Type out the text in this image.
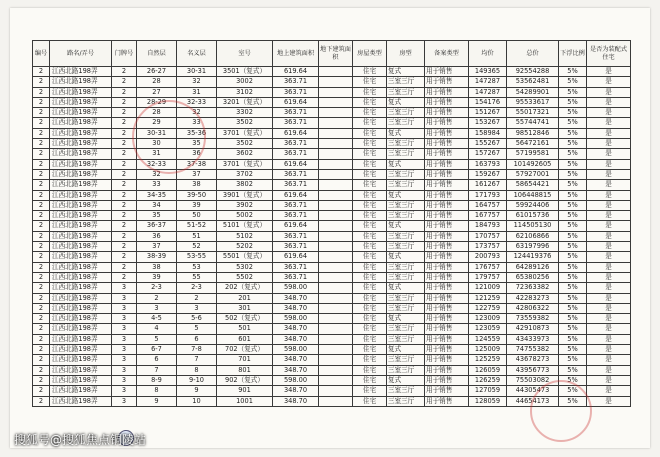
编号	路名/弄号	门牌号	自然层	名义层	室号	地上建筑面积	地下建筑面积	房屋类型	房型	备案类型	均价	总价	下浮比例	是否为装配式住宅
2	江西北路198弄	2	26-27	30-31	3501（复式）	619.64		住宅	复式	用于销售	149365	92554288	5%	是
2	江西北路198弄	2	28	32	3002	363.71		住宅	三室三厅	用于销售	147287	53562481	5%	是
2	江西北路198弄	2	27	31	3102	363.71		住宅	三室三厅	用于销售	147287	54289901	5%	是
2	江西北路198弄	2	28-29	32-33	3201（复式）	619.64		住宅	复式	用于销售	154176	95533617	5%	是
2	江西北路198弄	2	28	32	3302	363.71		住宅	三室三厅	用于销售	151267	55017321	5%	是
2	江西北路198弄	2	29	33	3502	363.71		住宅	三室三厅	用于销售	153267	55744741	5%	是
2	江西北路198弄	2	30-31	35-36	3701（复式）	619.64		住宅	复式	用于销售	158984	98512846	5%	是
2	江西北路198弄	2	30	35	3502	363.71		住宅	三室三厅	用于销售	155267	56472161	5%	是
2	江西北路198弄	2	31	36	3602	363.71		住宅	三室三厅	用于销售	157267	57199581	5%	是
2	江西北路198弄	2	32-33	37-38	3701（复式）	619.64		住宅	复式	用于销售	163793	101492605	5%	是
2	江西北路198弄	2	32	37	3702	363.71		住宅	三室三厅	用于销售	159267	57927001	5%	是
2	江西北路198弄	2	33	38	3802	363.71		住宅	三室三厅	用于销售	161267	58654421	5%	是
2	江西北路198弄	2	34-35	39-50	3901（复式）	619.64		住宅	复式	用于销售	171793	106448815	5%	是
2	江西北路198弄	2	34	39	3902	363.71		住宅	三室三厅	用于销售	164757	59924406	5%	是
2	江西北路198弄	2	35	50	5002	363.71		住宅	三室三厅	用于销售	167757	61015736	5%	是
2	江西北路198弄	2	36-37	51-52	5101（复式）	619.64		住宅	复式	用于销售	184793	114505130	5%	是
2	江西北路198弄	2	36	51	5102	363.71		住宅	三室三厅	用于销售	170757	62106866	5%	是
2	江西北路198弄	2	37	52	5202	363.71		住宅	三室三厅	用于销售	173757	63197996	5%	是
2	江西北路198弄	2	38-39	53-55	5501（复式）	619.64		住宅	复式	用于销售	200793	124419376	5%	是
2	江西北路198弄	2	38	53	5302	363.71		住宅	三室三厅	用于销售	176757	64289126	5%	是
2	江西北路198弄	2	39	55	5502	363.71		住宅	三室三厅	用于销售	179757	65380256	5%	是
2	江西北路198弄	3	2-3	2-3	202（复式）	598.00		住宅	复式	用于销售	121009	72363382	5%	是
2	江西北路198弄	3	2	2	201	348.70		住宅	三室三厅	用于销售	121259	42283273	5%	是
2	江西北路198弄	3	3	3	301	348.70		住宅	三室三厅	用于销售	122759	42806322	5%	是
2	江西北路198弄	3	4-5	5-6	502（复式）	598.00		住宅	复式	用于销售	123009	73559382	5%	是
2	江西北路198弄	3	4	5	501	348.70		住宅	三室三厅	用于销售	123059	42910873	5%	是
2	江西北路198弄	3	5	6	601	348.70		住宅	三室三厅	用于销售	124559	43433973	5%	是
2	江西北路198弄	3	6-7	7-8	702（复式）	598.00		住宅	复式	用于销售	125009	74755382	5%	是
2	江西北路198弄	3	6	7	701	348.70		住宅	三室三厅	用于销售	125259	43678273	5%	是
2	江西北路198弄	3	7	8	801	348.70		住宅	三室三厅	用于销售	126059	43956773	5%	是
2	江西北路198弄	3	8-9	9-10	902（复式）	598.00		住宅	复式	用于销售	126259	75503082	5%	是
2	江西北路198弄	3	8	9	901	348.70		住宅	三室三厅	用于销售	127059	44305473	5%	是
2	江西北路198弄	3	9	10	1001	348.70		住宅	三室三厅	用于销售	128059	44654173	5%	是
搜狐号@搜狐焦点铜陵站
